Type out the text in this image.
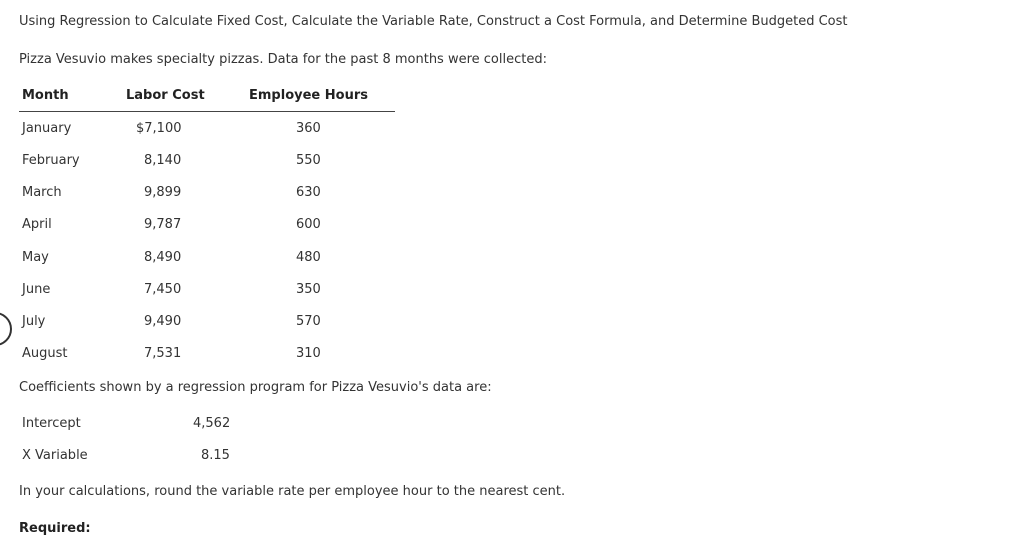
Using Regression to Calculate Fixed Cost, Calculate the Variable Rate, Construct a Cost Formula, and Determine Budgeted Cost
Pizza Vesuvio makes specialty pizzas. Data for the past 8 months were collected:
Month	Labor Cost	Employee Hours
January	$7,100	360
February	8,140	550
March	9,899	630
April	9,787	600
May	8,490	480
June	7,450	350
July	9,490	570
August	7,531	310
Coefficients shown by a regression program for Pizza Vesuvio's data are:
Intercept	4,562
X Variable	8.15
In your calculations, round the variable rate per employee hour to the nearest cent.
Required:
